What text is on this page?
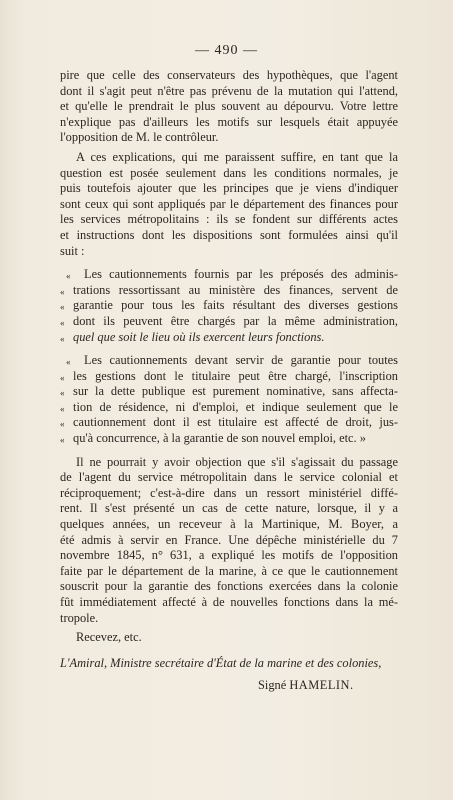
— 490 —
pire que celle des conservateurs des hypothèques, que l'agent
dont il s'agit peut n'être pas prévenu de la mutation qui l'attend,
et qu'elle le prendrait le plus souvent au dépourvu. Votre lettre
n'explique pas d'ailleurs les motifs sur lesquels était appuyée
l'opposition de M. le contrôleur.
A ces explications, qui me paraissent suffire, en tant que la
question est posée seulement dans les conditions normales, je
puis toutefois ajouter que les principes que je viens d'indiquer
sont ceux qui sont appliqués par le département des finances pour
les services métropolitains : ils se fondent sur différents actes
et instructions dont les dispositions sont formulées ainsi qu'il
suit :
« Les cautionnements fournis par les préposés des adminis-
« trations ressortissant au ministère des finances, servent de
« garantie pour tous les faits résultant des diverses gestions
« dont ils peuvent être chargés par la même administration,
« quel que soit le lieu où ils exercent leurs fonctions.
« Les cautionnements devant servir de garantie pour toutes
« les gestions dont le titulaire peut être chargé, l'inscription
« sur la dette publique est purement nominative, sans affecta-
« tion de résidence, ni d'emploi, et indique seulement que le
« cautionnement dont il est titulaire est affecté de droit, jus-
« qu'à concurrence, à la garantie de son nouvel emploi, etc. »
Il ne pourrait y avoir objection que s'il s'agissait du passage
de l'agent du service métropolitain dans le service colonial et
réciproquement; c'est-à-dire dans un ressort ministériel diffé-
rent. Il s'est présenté un cas de cette nature, lorsque, il y a
quelques années, un receveur à la Martinique, M. Boyer, a
été admis à servir en France. Une dépêche ministérielle du 7
novembre 1845, n° 631, a expliqué les motifs de l'opposition
faite par le département de la marine, à ce que le cautionnement
souscrit pour la garantie des fonctions exercées dans la colonie
fût immédiatement affecté à de nouvelles fonctions dans la mé-
tropole.
Recevez, etc.
L'Amiral, Ministre secrétaire d'État de la marine et des colonies,
Signé HAMELIN.
